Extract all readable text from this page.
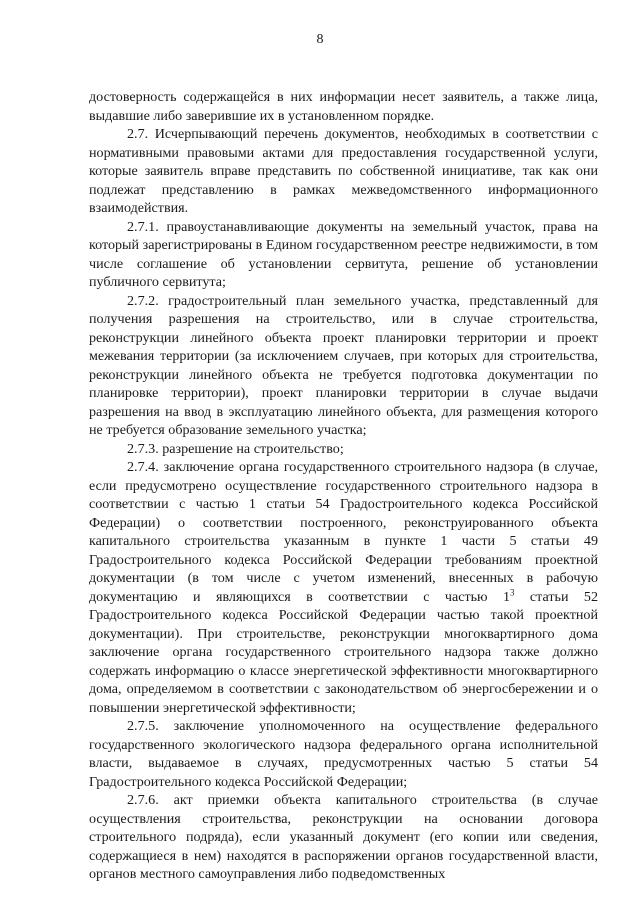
8

достоверность содержащейся в них информации несет заявитель, а также лица, выдавшие либо заверившие их в установленном порядке.

2.7. Исчерпывающий перечень документов, необходимых в соответствии с нормативными правовыми актами для предоставления государственной услуги, которые заявитель вправе представить по собственной инициативе, так как они подлежат представлению в рамках межведомственного информационного взаимодействия.

2.7.1. правоустанавливающие документы на земельный участок, права на который зарегистрированы в Едином государственном реестре недвижимости, в том числе соглашение об установлении сервитута, решение об установлении публичного сервитута;

2.7.2. градостроительный план земельного участка, представленный для получения разрешения на строительство, или в случае строительства, реконструкции линейного объекта проект планировки территории и проект межевания территории (за исключением случаев, при которых для строительства, реконструкции линейного объекта не требуется подготовка документации по планировке территории), проект планировки территории в случае выдачи разрешения на ввод в эксплуатацию линейного объекта, для размещения которого не требуется образование земельного участка;

2.7.3. разрешение на строительство;

2.7.4. заключение органа государственного строительного надзора (в случае, если предусмотрено осуществление государственного строительного надзора в соответствии с частью 1 статьи 54 Градостроительного кодекса Российской Федерации) о соответствии построенного, реконструированного объекта капитального строительства указанным в пункте 1 части 5 статьи 49 Градостроительного кодекса Российской Федерации требованиям проектной документации (в том числе с учетом изменений, внесенных в рабочую документацию и являющихся в соответствии с частью $1^3$ статьи 52 Градостроительного кодекса Российской Федерации частью такой проектной документации). При строительстве, реконструкции многоквартирного дома заключение органа государственного строительного надзора также должно содержать информацию о классе энергетической эффективности многоквартирного дома, определяемом в соответствии с законодательством об энергосбережении и о повышении энергетической эффективности;

2.7.5. заключение уполномоченного на осуществление федерального государственного экологического надзора федерального органа исполнительной власти, выдаваемое в случаях, предусмотренных частью 5 статьи 54 Градостроительного кодекса Российской Федерации;

2.7.6. акт приемки объекта капитального строительства (в случае осуществления строительства, реконструкции на основании договора строительного подряда), если указанный документ (его копии или сведения, содержащиеся в нем) находятся в распоряжении органов государственной власти, органов местного самоуправления либо подведомственных
